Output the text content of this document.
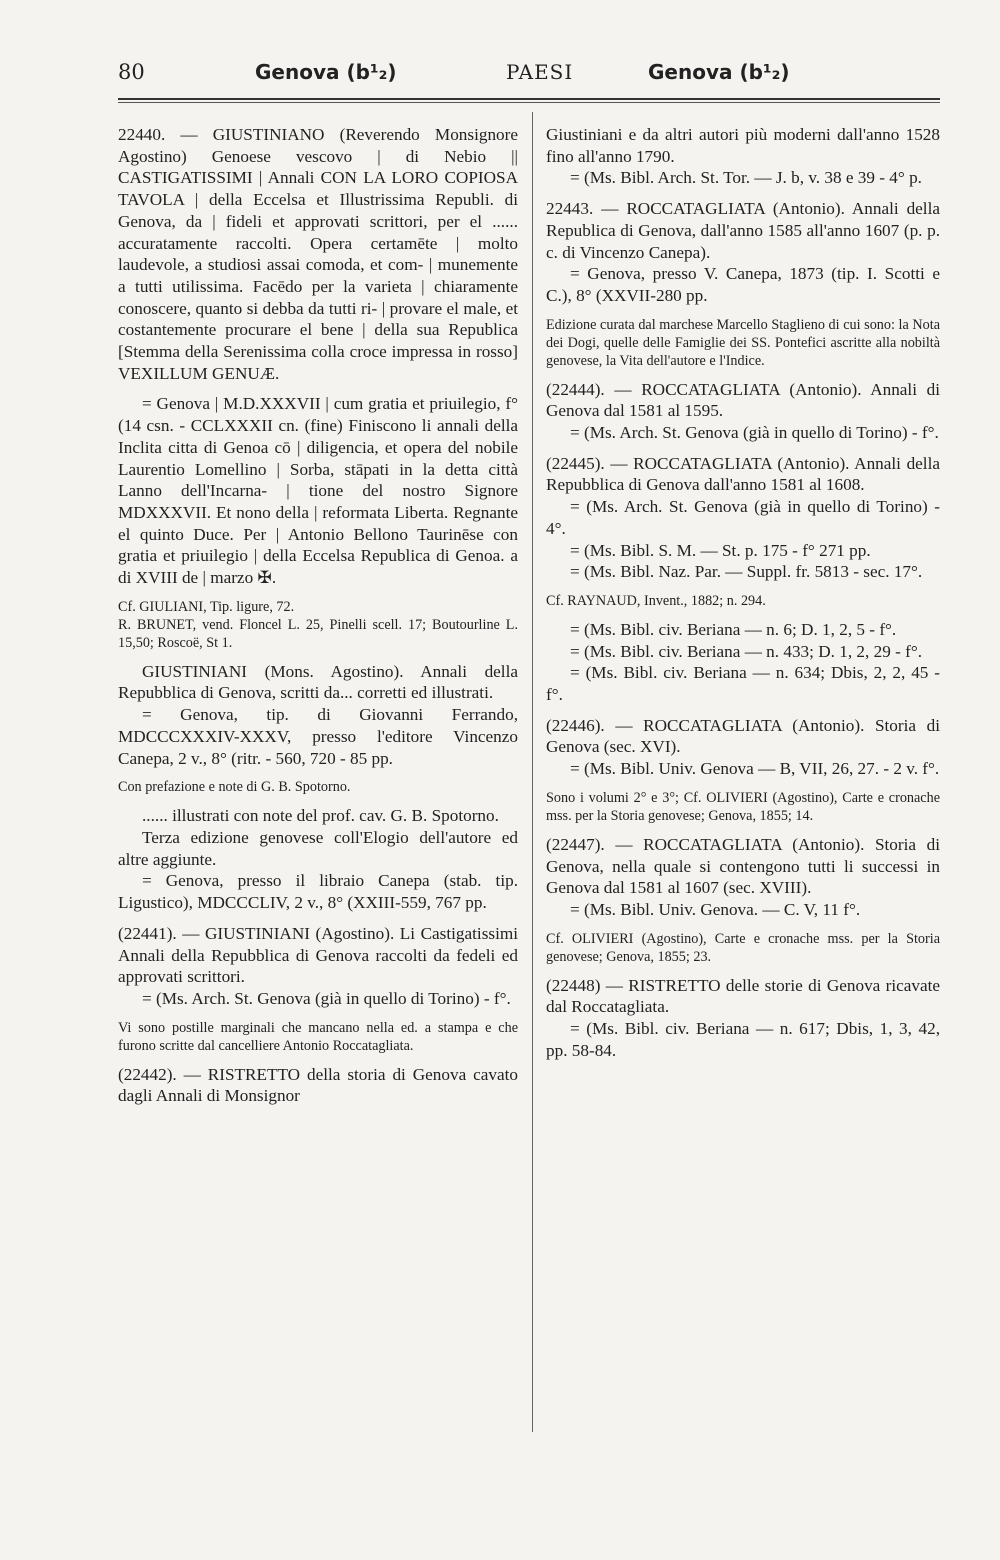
80	Genova (b¹₂)	PAESI	Genova (b¹₂)

22440. — GIUSTINIANO (Reverendo Monsignore Agostino) Genoese vescovo | di Nebio || CASTIGATISSIMI | Annali CON LA LORO COPIOSA TAVOLA | della Eccelsa et Illustrissima Republi. di Genova, da | fideli et approvati scrittori, per el ...... accuratamente raccolti. Opera certamēte | molto laudevole, a studiosi assai comoda, et com- | munemente a tutti utilissima. Facēdo per la varieta | chiaramente conoscere, quanto si debba da tutti ri- | provare el male, et costantemente procurare el bene | della sua Republica [Stemma della Serenissima colla croce impressa in rosso] VEXILLUM GENUÆ.

= Genova | M.D.XXXVII | cum gratia et priuilegio, f° (14 csn. - CCLXXXII cn. (fine) Finiscono li annali della Inclita citta di Genoa cō | diligencia, et opera del nobile Laurentio Lomellino | Sorba, stāpati in la detta città Lanno dell'Incarna- | tione del nostro Signore MDXXXVII. Et nono della | reformata Liberta. Regnante el quinto Duce. Per | Antonio Bellono Taurinēse con gratia et priuilegio | della Eccelsa Republica di Genoa. a di XVIII de | marzo ✠.

Cf. GIULIANI, Tip. ligure, 72.

R. BRUNET, vend. Floncel L. 25, Pinelli scell. 17; Boutourline L. 15,50; Roscoë, St 1.

GIUSTINIANI (Mons. Agostino). Annali della Repubblica di Genova, scritti da... corretti ed illustrati.

= Genova, tip. di Giovanni Ferrando, MDCCCXXXIV-XXXV, presso l'editore Vincenzo Canepa, 2 v., 8° (ritr. - 560, 720 - 85 pp.

Con prefazione e note di G. B. Spotorno.

...... illustrati con note del prof. cav. G. B. Spotorno.

Terza edizione genovese coll'Elogio dell'autore ed altre aggiunte.

= Genova, presso il libraio Canepa (stab. tip. Ligustico), MDCCCLIV, 2 v., 8° (XXIII-559, 767 pp.

(22441). — GIUSTINIANI (Agostino). Li Castigatissimi Annali della Repubblica di Genova raccolti da fedeli ed approvati scrittori.

= (Ms. Arch. St. Genova (già in quello di Torino) - f°.

Vi sono postille marginali che mancano nella ed. a stampa e che furono scritte dal cancelliere Antonio Roccatagliata.

(22442). — RISTRETTO della storia di Genova cavato dagli Annali di Monsignor

Giustiniani e da altri autori più moderni dall'anno 1528 fino all'anno 1790.

= (Ms. Bibl. Arch. St. Tor. — J. b, v. 38 e 39 - 4° p.

22443. — ROCCATAGLIATA (Antonio). Annali della Republica di Genova, dall'anno 1585 all'anno 1607 (p. p. c. di Vincenzo Canepa).

= Genova, presso V. Canepa, 1873 (tip. I. Scotti e C.), 8° (XXVII-280 pp.

Edizione curata dal marchese Marcello Staglieno di cui sono: la Nota dei Dogi, quelle delle Famiglie dei SS. Pontefici ascritte alla nobiltà genovese, la Vita dell'autore e l'Indice.

(22444). — ROCCATAGLIATA (Antonio). Annali di Genova dal 1581 al 1595.

= (Ms. Arch. St. Genova (già in quello di Torino) - f°.

(22445). — ROCCATAGLIATA (Antonio). Annali della Repubblica di Genova dall'anno 1581 al 1608.

= (Ms. Arch. St. Genova (già in quello di Torino) - 4°.

= (Ms. Bibl. S. M. — St. p. 175 - f° 271 pp.

= (Ms. Bibl. Naz. Par. — Suppl. fr. 5813 - sec. 17°.

Cf. RAYNAUD, Invent., 1882; n. 294.

= (Ms. Bibl. civ. Beriana — n. 6; D. 1, 2, 5 - f°.

= (Ms. Bibl. civ. Beriana — n. 433; D. 1, 2, 29 - f°.

= (Ms. Bibl. civ. Beriana — n. 634; Dbis, 2, 2, 45 - f°.

(22446). — ROCCATAGLIATA (Antonio). Storia di Genova (sec. XVI).

= (Ms. Bibl. Univ. Genova — B, VII, 26, 27. - 2 v. f°.

Sono i volumi 2° e 3°; Cf. OLIVIERI (Agostino), Carte e cronache mss. per la Storia genovese; Genova, 1855; 14.

(22447). — ROCCATAGLIATA (Antonio). Storia di Genova, nella quale si contengono tutti li successi in Genova dal 1581 al 1607 (sec. XVIII).

= (Ms. Bibl. Univ. Genova. — C. V, 11 f°.

Cf. OLIVIERI (Agostino), Carte e cronache mss. per la Storia genovese; Genova, 1855; 23.

(22448) — RISTRETTO delle storie di Genova ricavate dal Roccatagliata.

= (Ms. Bibl. civ. Beriana — n. 617; Dbis, 1, 3, 42, pp. 58-84.
